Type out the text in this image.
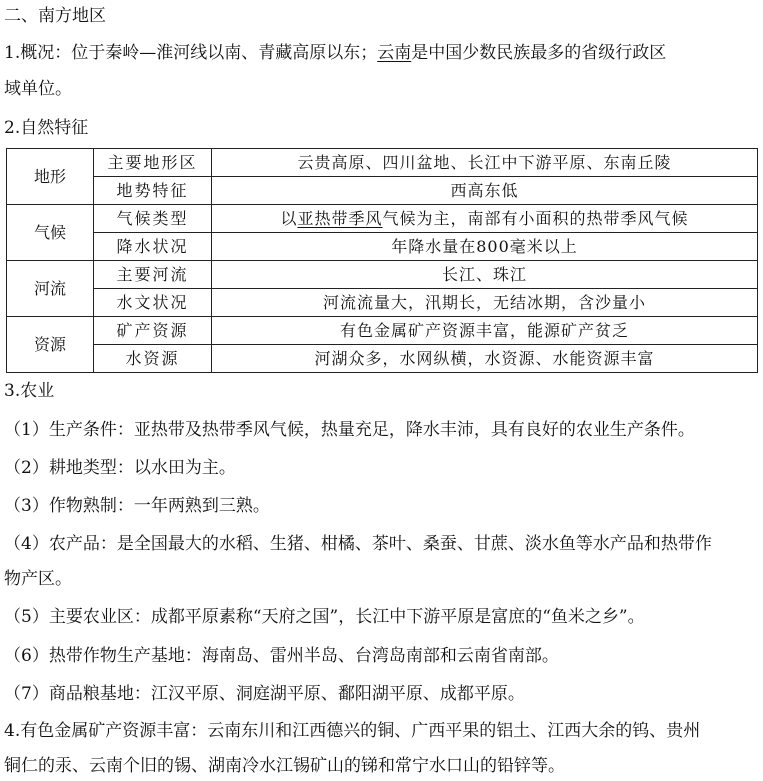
二、南方地区
1.概况：位于秦岭—淮河线以南、青藏高原以东；云南是中国少数民族最多的省级行政区
域单位。
2.自然特征
地形	主要地形区	云贵高原、四川盆地、长江中下游平原、东南丘陵
	地势特征	西高东低
气候	气候类型	以亚热带季风气候为主，南部有小面积的热带季风气候
	降水状况	年降水量在800毫米以上
河流	主要河流	长江、珠江
	水文状况	河流流量大，汛期长，无结冰期，含沙量小
资源	矿产资源	有色金属矿产资源丰富，能源矿产贫乏
	水资源	河湖众多，水网纵横，水资源、水能资源丰富
3.农业
（1）生产条件：亚热带及热带季风气候，热量充足，降水丰沛，具有良好的农业生产条件。
（2）耕地类型：以水田为主。
（3）作物熟制：一年两熟到三熟。
（4）农产品：是全国最大的水稻、生猪、柑橘、茶叶、桑蚕、甘蔗、淡水鱼等水产品和热带作
物产区。
（5）主要农业区：成都平原素称“天府之国”，长江中下游平原是富庶的“鱼米之乡”。
（6）热带作物生产基地：海南岛、雷州半岛、台湾岛南部和云南省南部。
（7）商品粮基地：江汉平原、洞庭湖平原、鄱阳湖平原、成都平原。
4.有色金属矿产资源丰富：云南东川和江西德兴的铜、广西平果的铝土、江西大余的钨、贵州
铜仁的汞、云南个旧的锡、湖南冷水江锡矿山的锑和常宁水口山的铅锌等。
